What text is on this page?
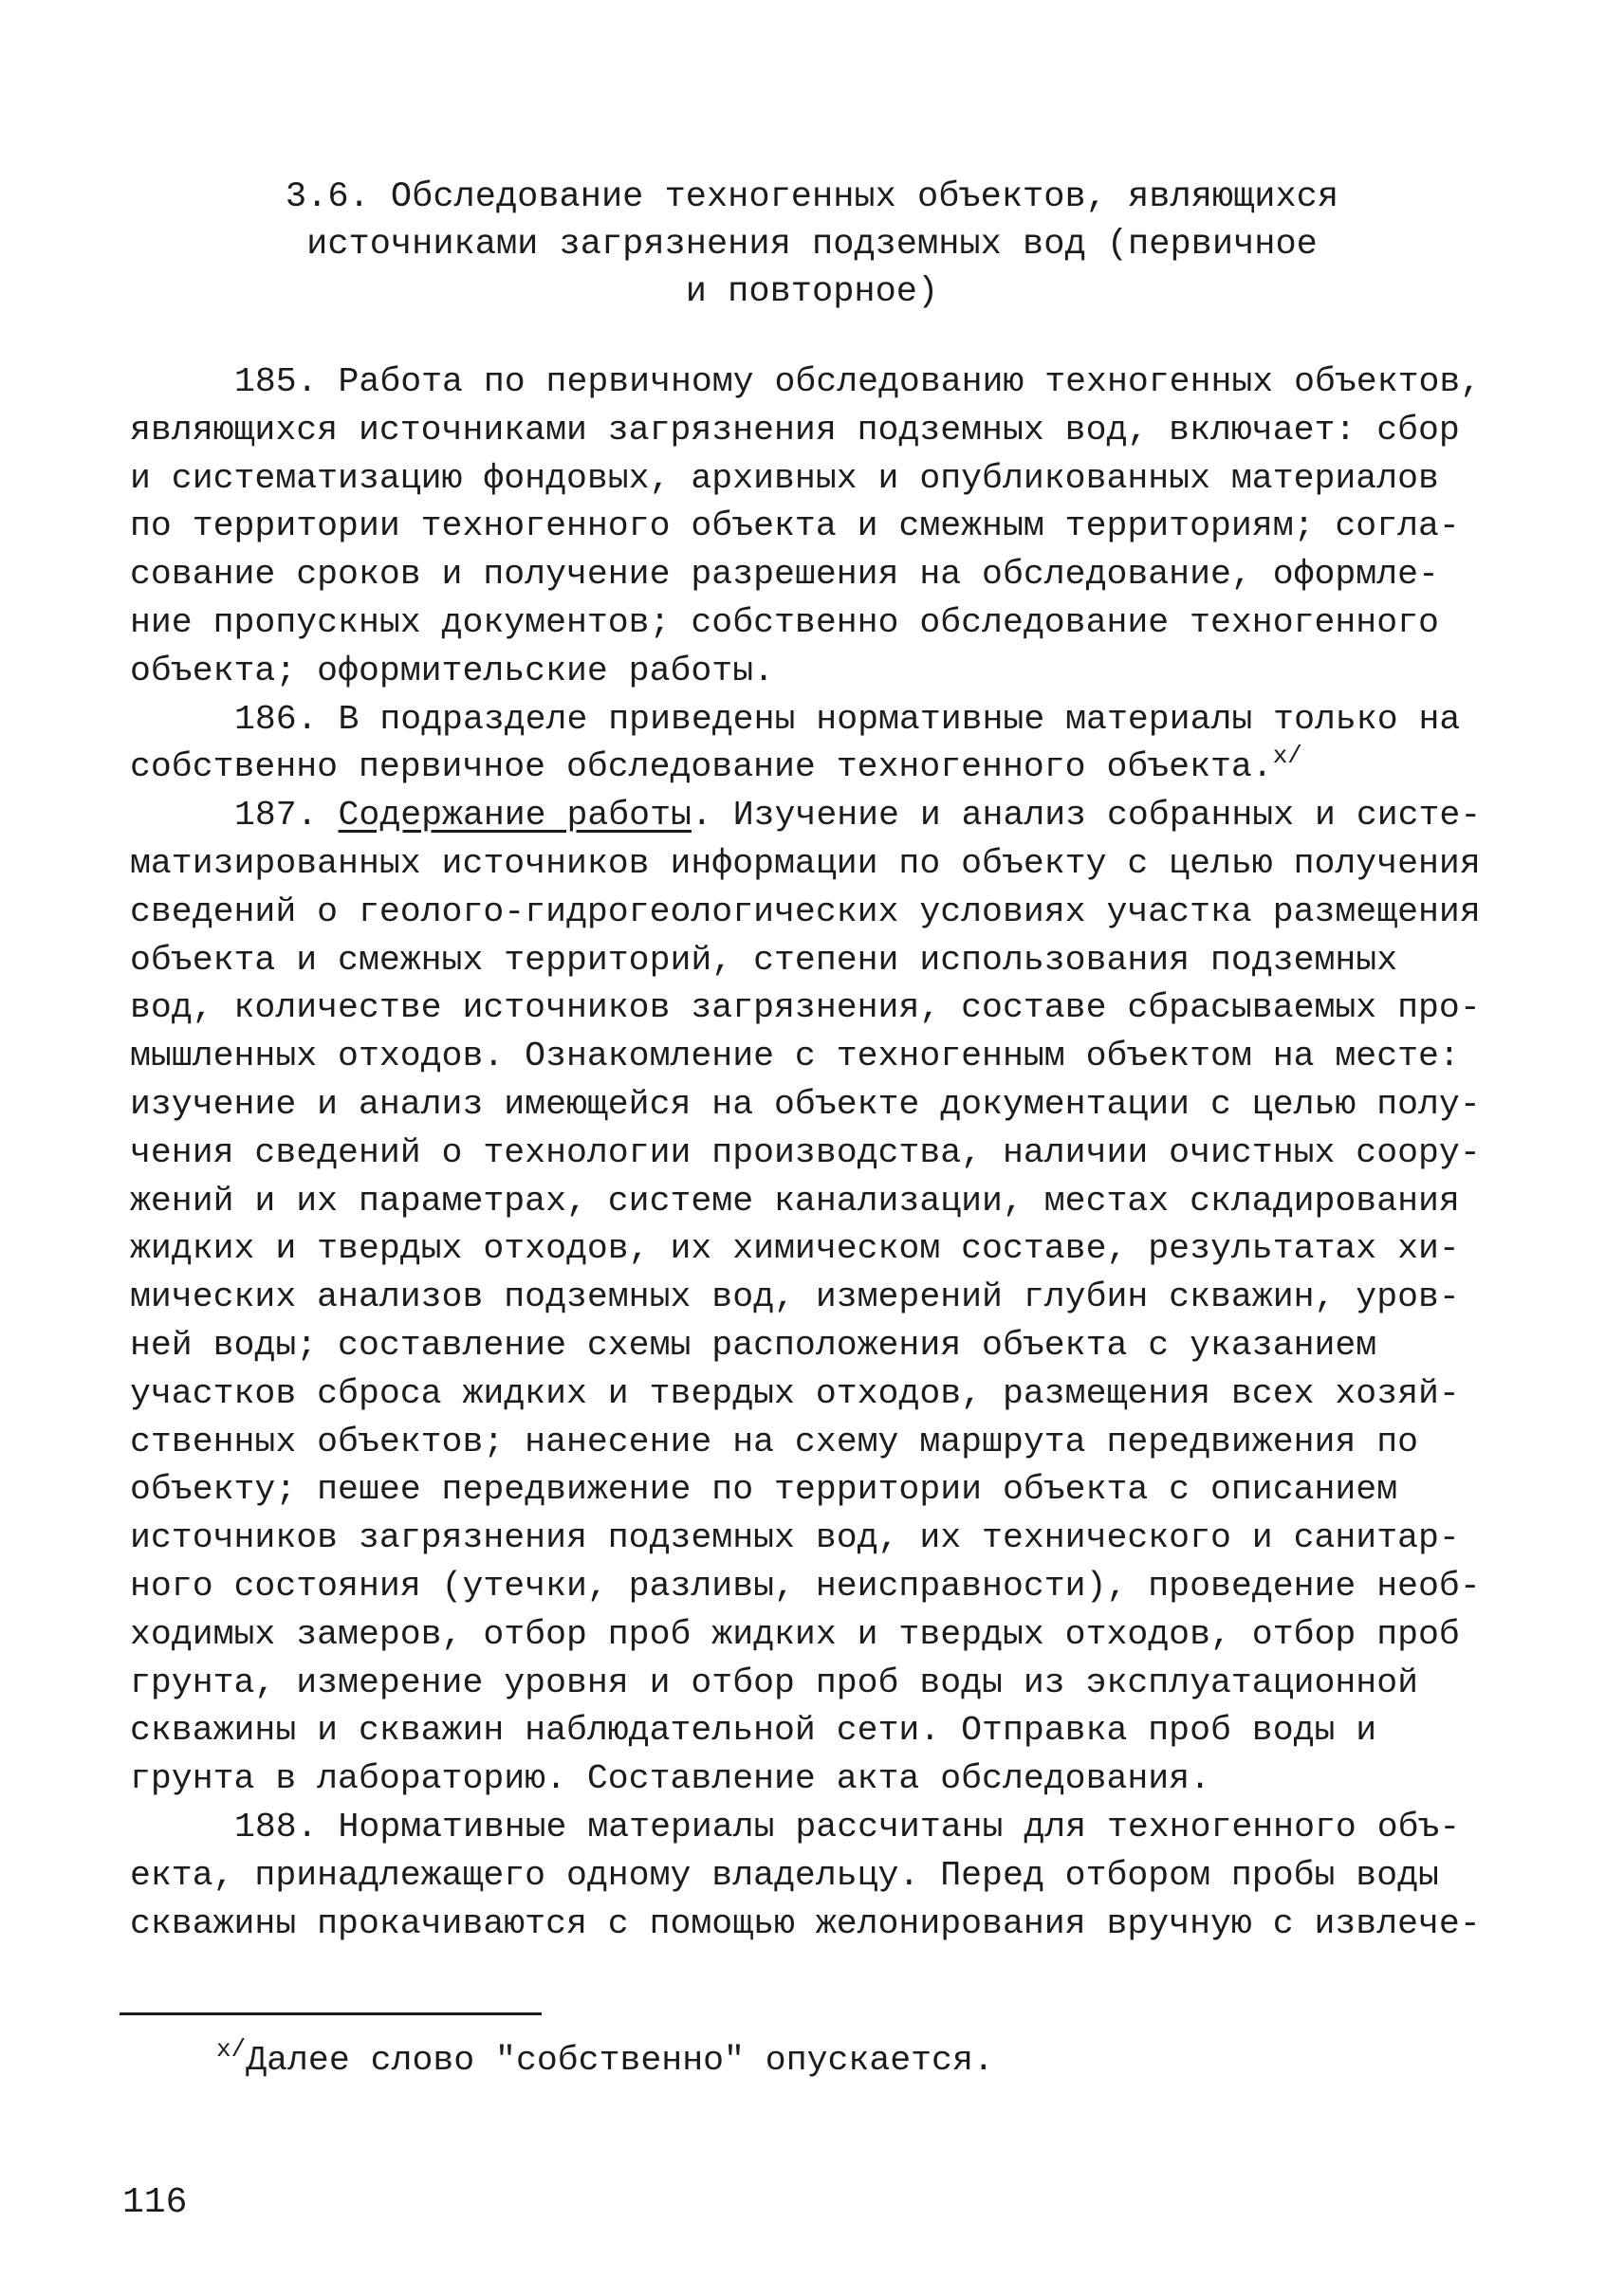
3.6. Обследование техногенных объектов, являющихся
источниками загрязнения подземных вод (первичное
и повторное)
185. Работа по первичному обследованию техногенных объектов,
являющихся источниками загрязнения подземных вод, включает: сбор
и систематизацию фондовых, архивных и опубликованных материалов
по территории техногенного объекта и смежным территориям; согла-
сование сроков и получение разрешения на обследование, оформле-
ние пропускных документов; собственно обследование техногенного
объекта; оформительские работы.
186. В подразделе приведены нормативные материалы только на
собственно первичное обследование техногенного объекта.$^{x/}$
187. Содержание работы. Изучение и анализ собранных и систе-
матизированных источников информации по объекту с целью получения
сведений о геолого-гидрогеологических условиях участка размещения
объекта и смежных территорий, степени использования подземных
вод, количестве источников загрязнения, составе сбрасываемых про-
мышленных отходов. Ознакомление с техногенным объектом на месте:
изучение и анализ имеющейся на объекте документации с целью полу-
чения сведений о технологии производства, наличии очистных соору-
жений и их параметрах, системе канализации, местах складирования
жидких и твердых отходов, их химическом составе, результатах хи-
мических анализов подземных вод, измерений глубин скважин, уров-
ней воды; составление схемы расположения объекта с указанием
участков сброса жидких и твердых отходов, размещения всех хозяй-
ственных объектов; нанесение на схему маршрута передвижения по
объекту; пешее передвижение по территории объекта с описанием
источников загрязнения подземных вод, их технического и санитар-
ного состояния (утечки, разливы, неисправности), проведение необ-
ходимых замеров, отбор проб жидких и твердых отходов, отбор проб
грунта, измерение уровня и отбор проб воды из эксплуатационной
скважины и скважин наблюдательной сети. Отправка проб воды и
грунта в лабораторию. Составление акта обследования.
188. Нормативные материалы рассчитаны для техногенного объ-
екта, принадлежащего одному владельцу. Перед отбором пробы воды
скважины прокачиваются с помощью желонирования вручную с извлече-
$^{x/}$Далее слово "собственно" опускается.
116
